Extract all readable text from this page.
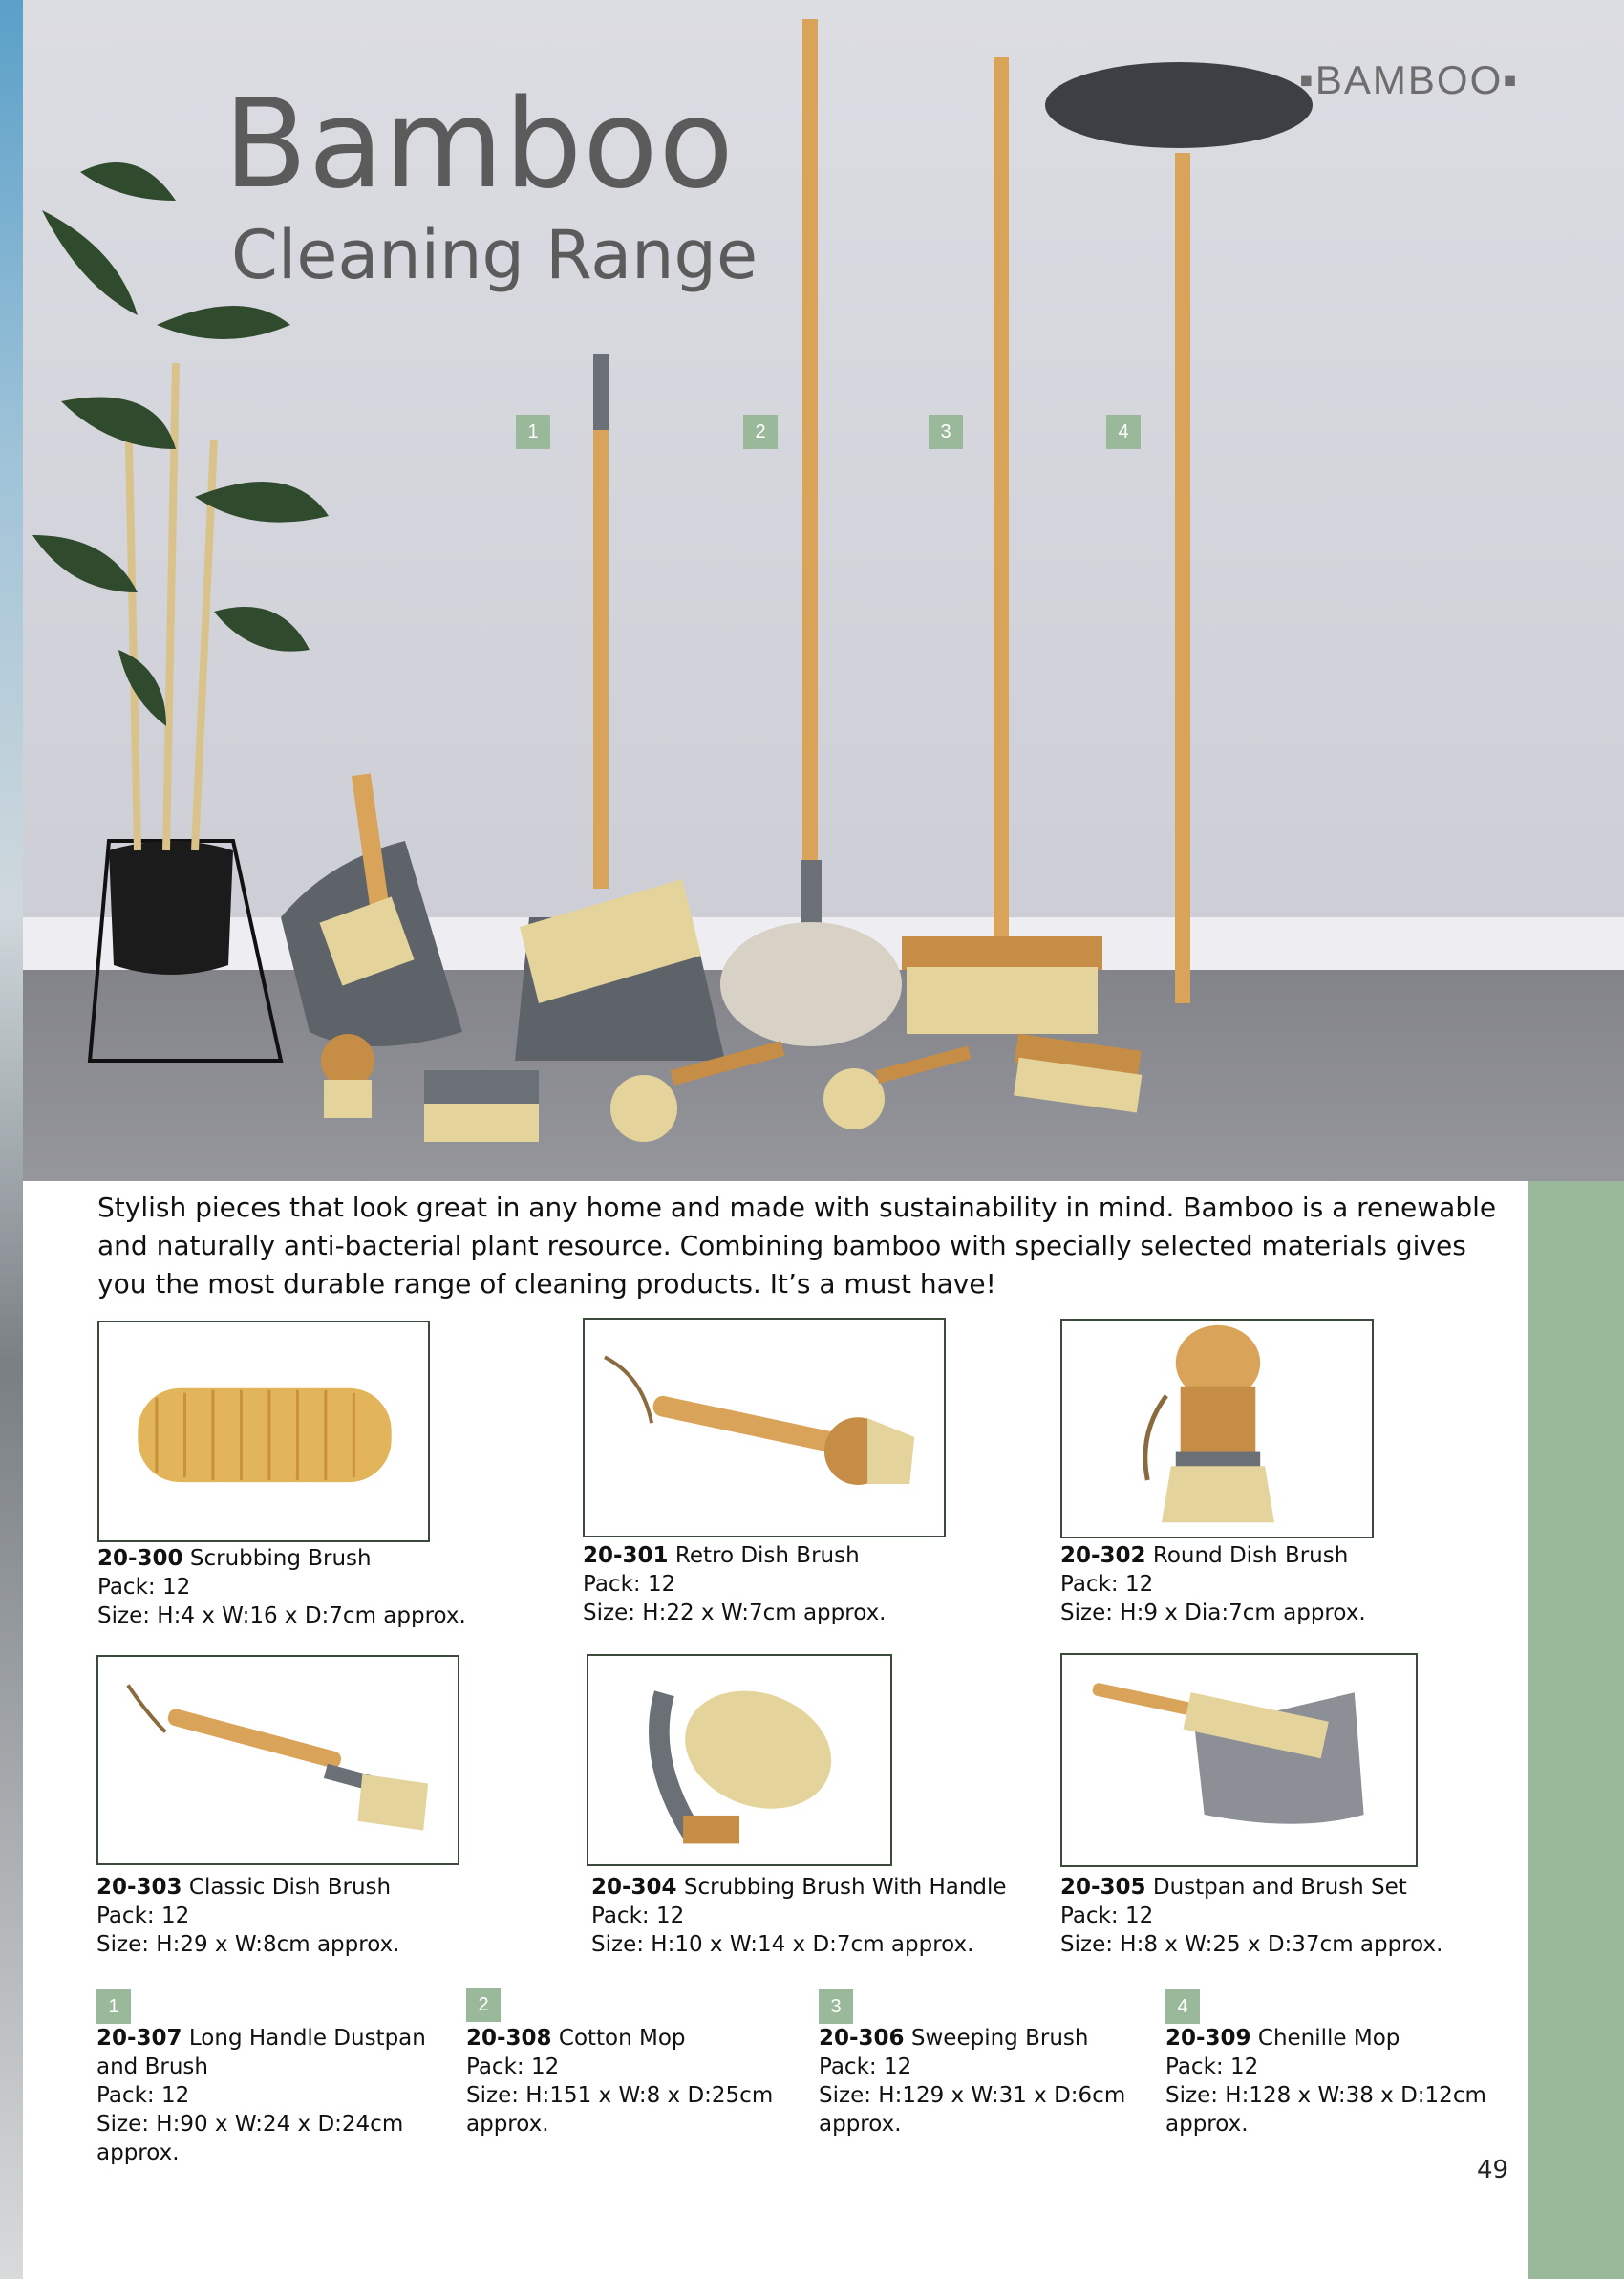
Bamboo
Cleaning Range
▪BAMBOO▪
1	2	3	4
Stylish pieces that look great in any home and made with sustainability in mind. Bamboo is a renewable and naturally anti-bacterial plant resource. Combining bamboo with specially selected materials gives you the most durable range of cleaning products. It’s a must have!
20-300 Scrubbing Brush
Pack: 12
Size: H:4 x W:16 x D:7cm approx.
20-301 Retro Dish Brush
Pack: 12
Size: H:22 x W:7cm approx.
20-302 Round Dish Brush
Pack: 12
Size: H:9 x Dia:7cm approx.
20-303 Classic Dish Brush
Pack: 12
Size: H:29 x W:8cm approx.
20-304 Scrubbing Brush With Handle
Pack: 12
Size: H:10 x W:14 x D:7cm approx.
20-305 Dustpan and Brush Set
Pack: 12
Size: H:8 x W:25 x D:37cm approx.
1
20-307 Long Handle Dustpan
and Brush
Pack: 12
Size: H:90 x W:24 x D:24cm
approx.
2
20-308 Cotton Mop
Pack: 12
Size: H:151 x W:8 x D:25cm
approx.
3
20-306 Sweeping Brush
Pack: 12
Size: H:129 x W:31 x D:6cm
approx.
4
20-309 Chenille Mop
Pack: 12
Size: H:128 x W:38 x D:12cm
approx.
49
